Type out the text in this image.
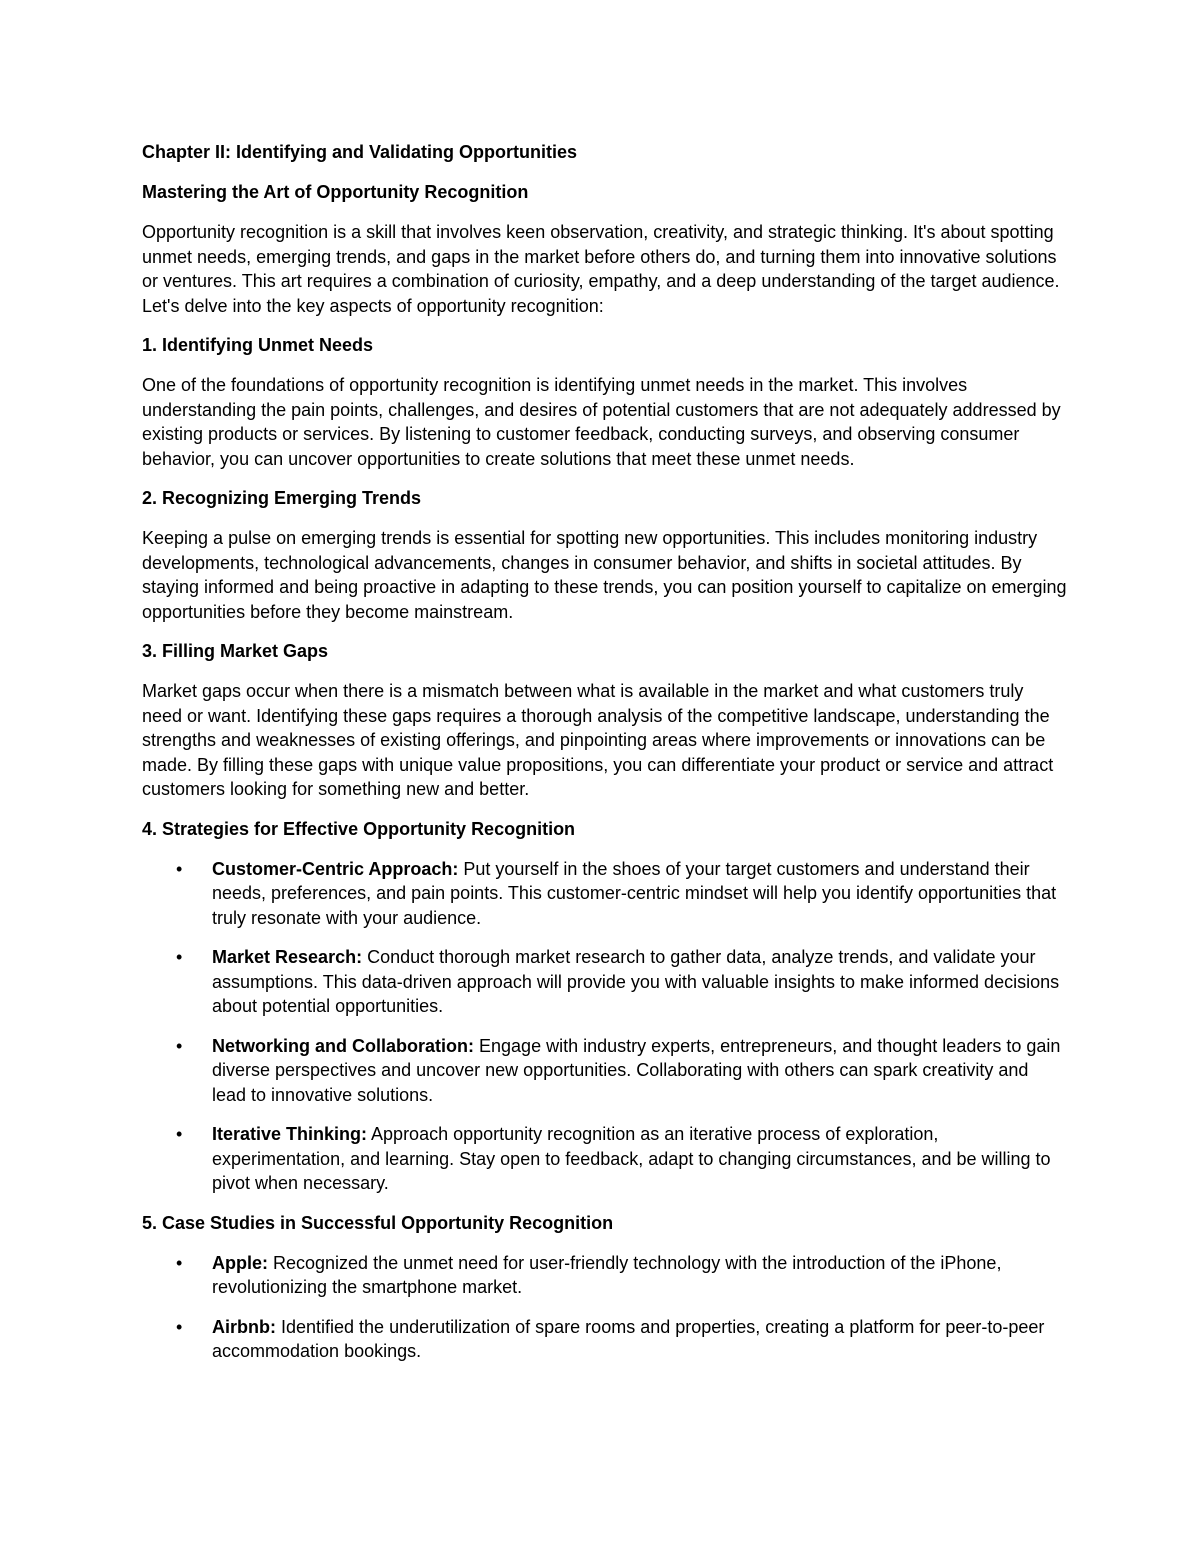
Chapter II: Identifying and Validating Opportunities
Mastering the Art of Opportunity Recognition

Opportunity recognition is a skill that involves keen observation, creativity, and strategic thinking. It's about spotting unmet needs, emerging trends, and gaps in the market before others do, and turning them into innovative solutions or ventures. This art requires a combination of curiosity, empathy, and a deep understanding of the target audience. Let's delve into the key aspects of opportunity recognition:

1. Identifying Unmet Needs

One of the foundations of opportunity recognition is identifying unmet needs in the market. This involves understanding the pain points, challenges, and desires of potential customers that are not adequately addressed by existing products or services. By listening to customer feedback, conducting surveys, and observing consumer behavior, you can uncover opportunities to create solutions that meet these unmet needs.

2. Recognizing Emerging Trends

Keeping a pulse on emerging trends is essential for spotting new opportunities. This includes monitoring industry developments, technological advancements, changes in consumer behavior, and shifts in societal attitudes. By staying informed and being proactive in adapting to these trends, you can position yourself to capitalize on emerging opportunities before they become mainstream.

3. Filling Market Gaps

Market gaps occur when there is a mismatch between what is available in the market and what customers truly need or want. Identifying these gaps requires a thorough analysis of the competitive landscape, understanding the strengths and weaknesses of existing offerings, and pinpointing areas where improvements or innovations can be made. By filling these gaps with unique value propositions, you can differentiate your product or service and attract customers looking for something new and better.

4. Strategies for Effective Opportunity Recognition
• Customer-Centric Approach: Put yourself in the shoes of your target customers and understand their needs, preferences, and pain points. This customer-centric mindset will help you identify opportunities that truly resonate with your audience.
• Market Research: Conduct thorough market research to gather data, analyze trends, and validate your assumptions. This data-driven approach will provide you with valuable insights to make informed decisions about potential opportunities.
• Networking and Collaboration: Engage with industry experts, entrepreneurs, and thought leaders to gain diverse perspectives and uncover new opportunities. Collaborating with others can spark creativity and lead to innovative solutions.
• Iterative Thinking: Approach opportunity recognition as an iterative process of exploration, experimentation, and learning. Stay open to feedback, adapt to changing circumstances, and be willing to pivot when necessary.
5. Case Studies in Successful Opportunity Recognition
• Apple: Recognized the unmet need for user-friendly technology with the introduction of the iPhone, revolutionizing the smartphone market.
• Airbnb: Identified the underutilization of spare rooms and properties, creating a platform for peer-to-peer accommodation bookings.
